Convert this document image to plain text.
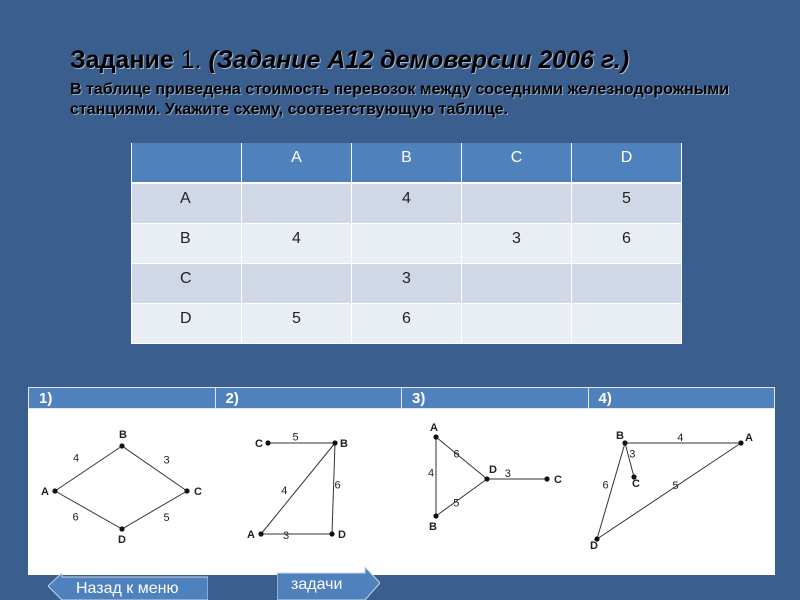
Задание 1. (Задание А12 демоверсии 2006 г.)
В таблице приведена стоимость перевозок между соседними железнодорожными станциями. Укажите схему, соответствующую таблице.
	A	B	C	D
A		4		5
B	4		3	6
C		3		
D	5	6		
1)	2)	3)	4)
4	3
6	5
A
B
C
D
5
4	6
3
C	B
A	D
4
6
5
3
A
B
D
C
4
3
6	5
B	A
C
D
Назад к меню	задачи
